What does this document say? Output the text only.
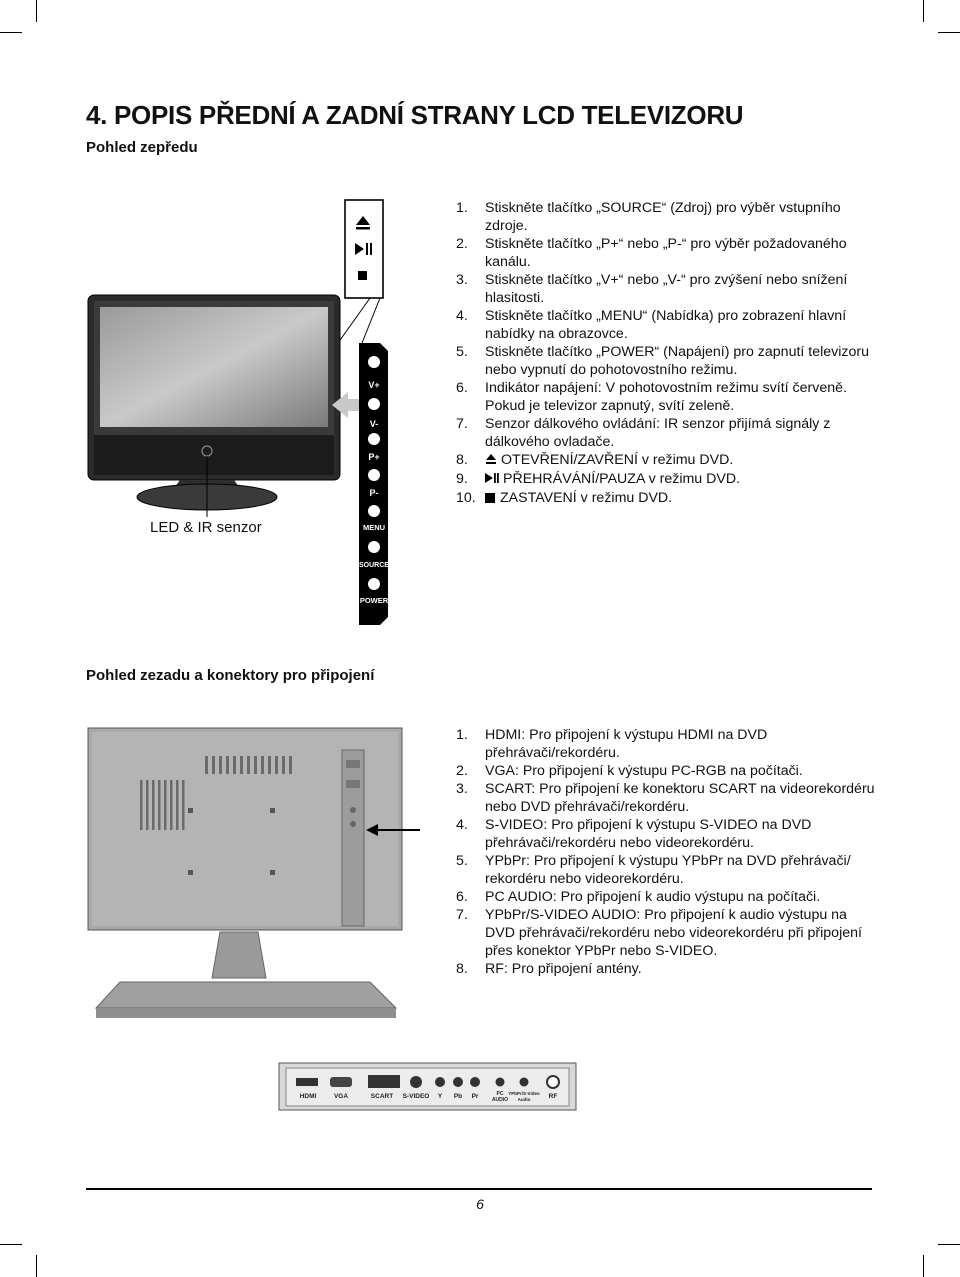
4. POPIS PŘEDNÍ A ZADNÍ STRANY LCD TELEVIZORU
Pohled zepředu
V+
V-
P+
P-
MENU
SOURCE
POWER
LED & IR senzor
1. Stiskněte tlačítko „SOURCE“ (Zdroj) pro výběr vstupního zdroje.
2. Stiskněte tlačítko „P+“ nebo „P-“ pro výběr požadovaného kanálu.
3. Stiskněte tlačítko „V+“ nebo „V-“ pro zvýšení nebo snížení hlasitosti.
4. Stiskněte tlačítko „MENU“ (Nabídka) pro zobrazení hlavní nabídky na obrazovce.
5. Stiskněte tlačítko „POWER“ (Napájení) pro zapnutí televizoru nebo vypnutí do pohotovostního režimu.
6. Indikátor napájení: V pohotovostním režimu svítí červeně. Pokud je televizor zapnutý, svítí zeleně.
7. Senzor dálkového ovládání: IR senzor přijímá signály z dálkového ovladače.
8. OTEVŘENÍ/ZAVŘENÍ v režimu DVD.
9. PŘEHRÁVÁNÍ/PAUZA v režimu DVD.
10. ZASTAVENÍ v režimu DVD.
Pohled zezadu a konektory pro připojení
1. HDMI: Pro připojení k výstupu HDMI na DVD přehrávači/rekordéru.
2. VGA: Pro připojení k výstupu PC-RGB na počítači.
3. SCART: Pro připojení ke konektoru SCART na videorekordéru nebo DVD přehrávači/rekordéru.
4. S-VIDEO: Pro připojení k výstupu S-VIDEO na DVD přehrávači/rekordéru nebo videorekordéru.
5. YPbPr: Pro připojení k výstupu YPbPr na DVD přehrávači/ rekordéru nebo videorekordéru.
6. PC AUDIO: Pro připojení k audio výstupu na počítači.
7. YPbPr/S-VIDEO AUDIO: Pro připojení k audio výstupu na DVD přehrávači/rekordéru nebo videorekordéru při připojení přes konektor YPbPr nebo S-VIDEO.
8. RF: Pro připojení antény.
HDMI	VGA	SCART S-VIDEO Y Pb Pr	PC
AUDIO
YPbPr/S-Video
Audio	RF
6
